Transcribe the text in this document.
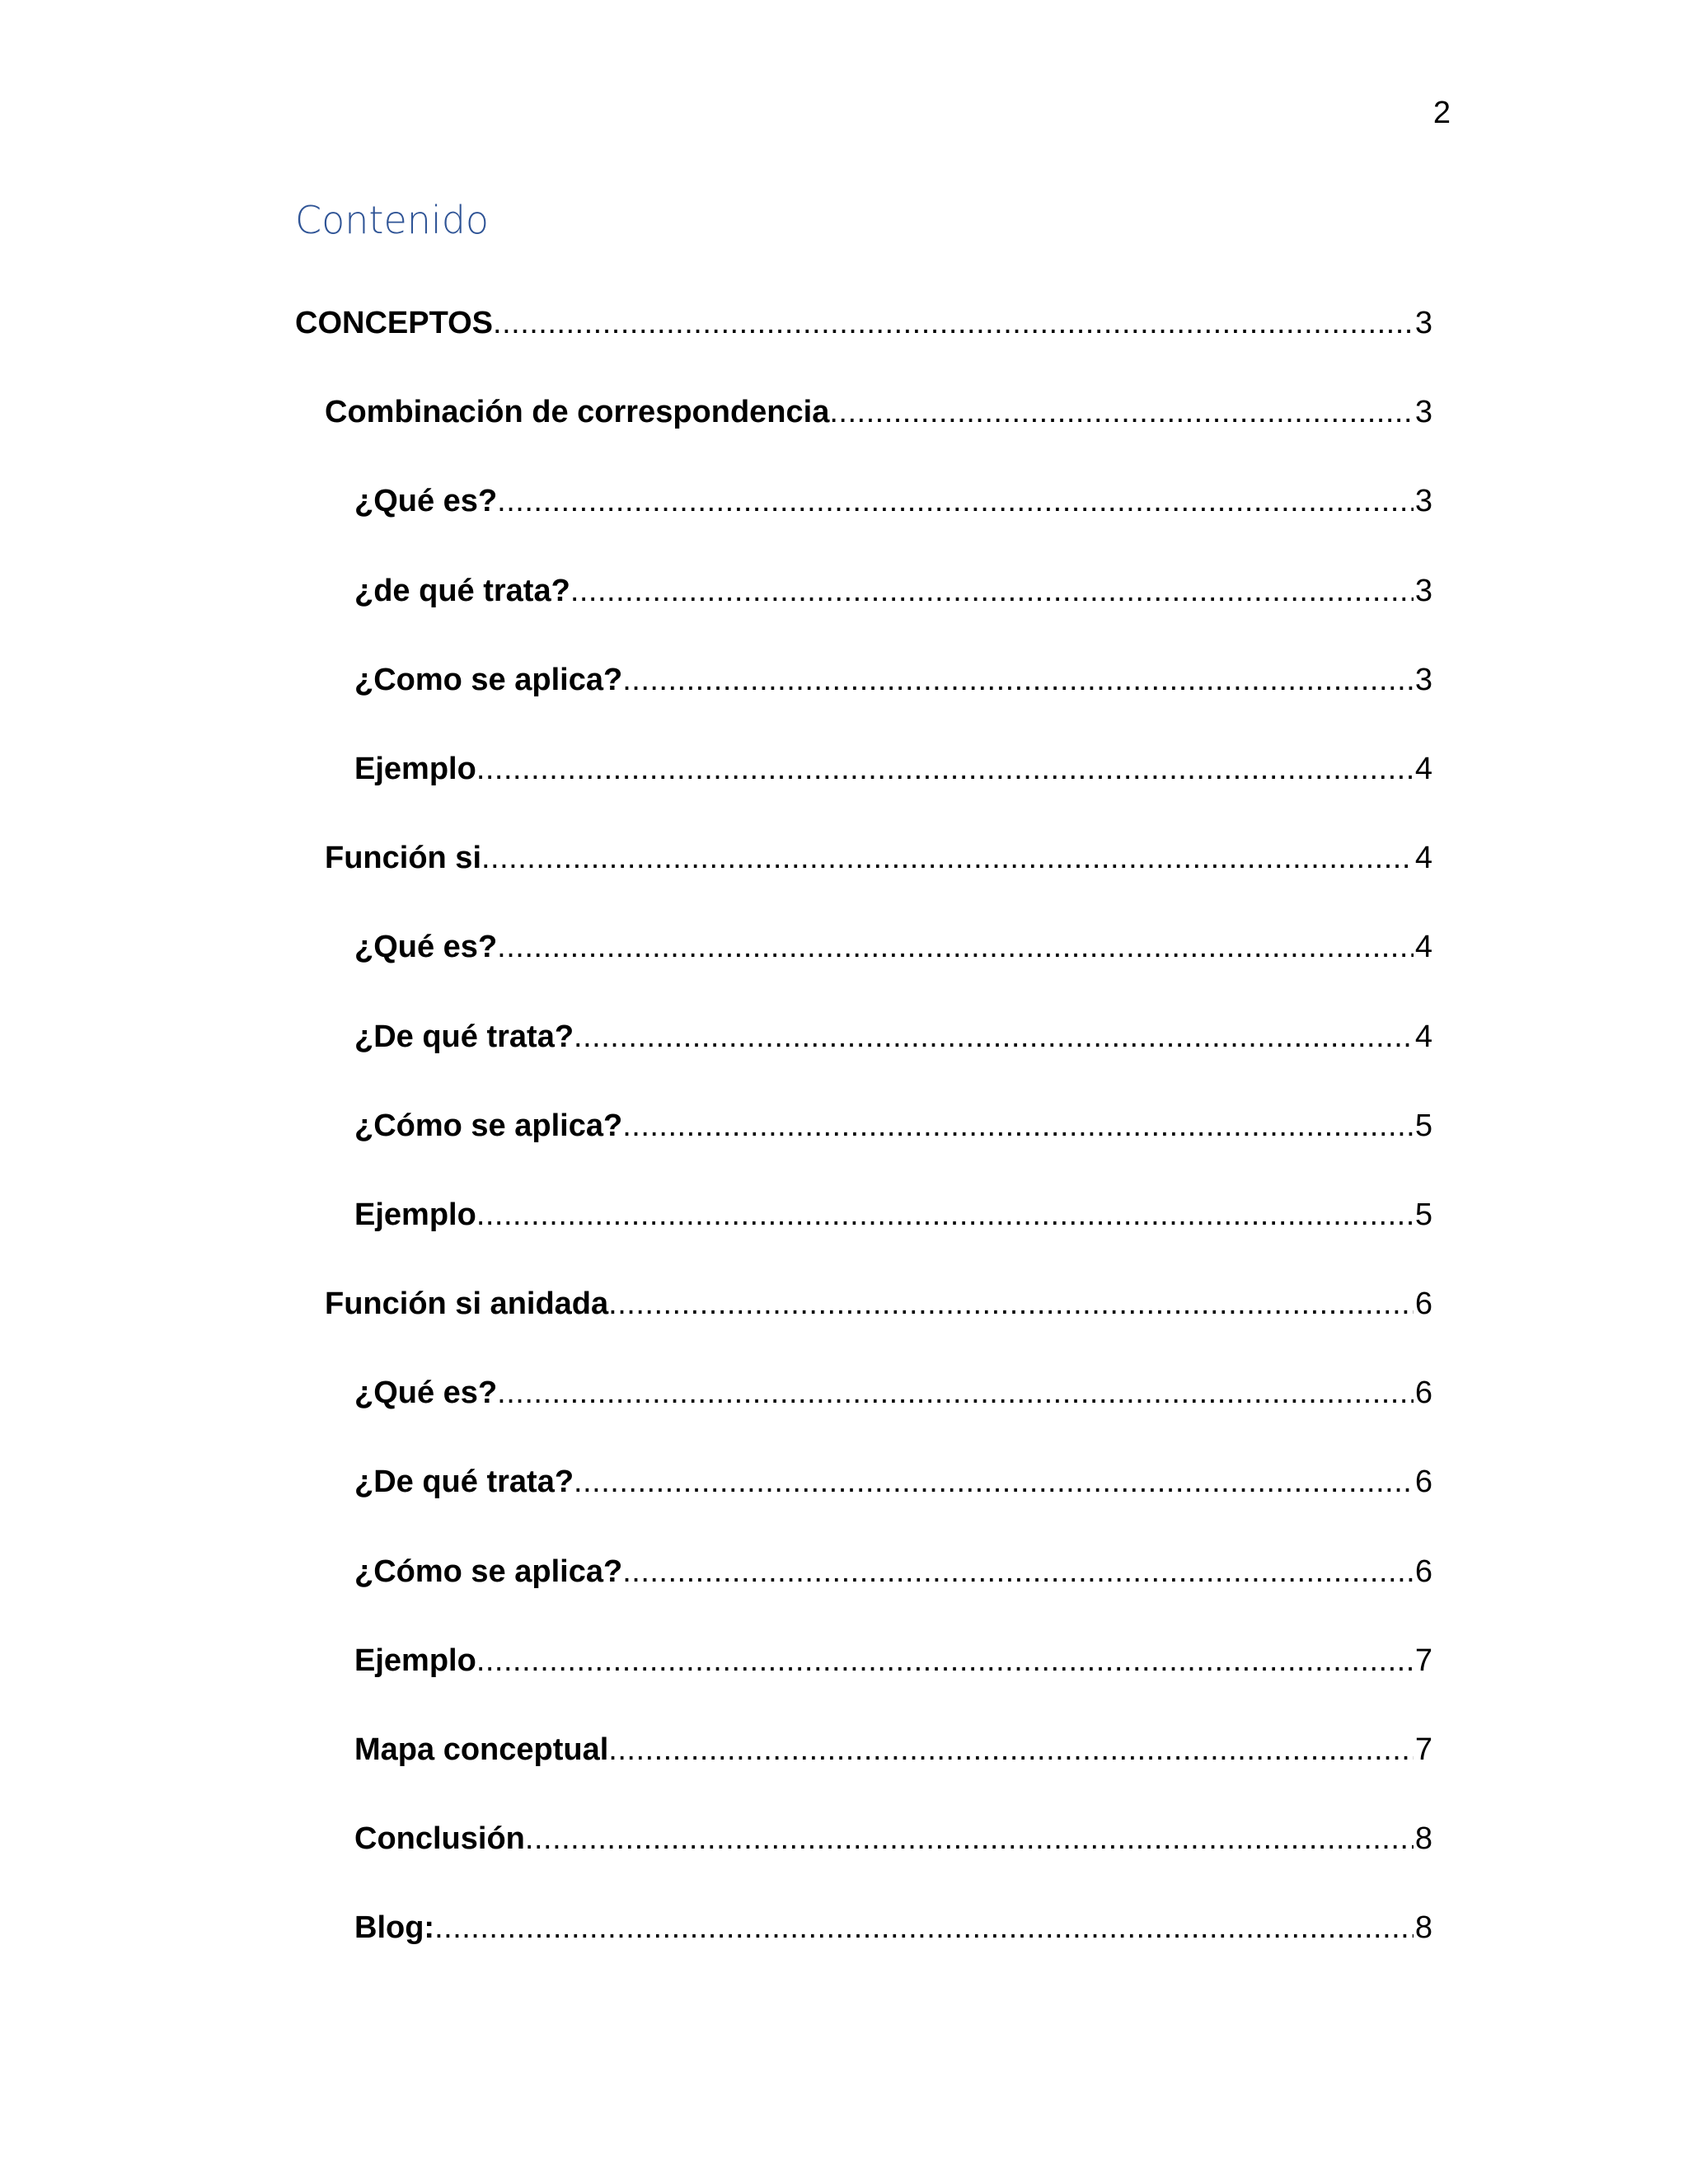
2
Contenido
CONCEPTOS .....	3
Combinación de correspondencia .....	3
¿Qué es? .....	3
¿de qué trata? .....	3
¿Como se aplica? .....	3
Ejemplo .....	4
Función si .....	4
¿Qué es? .....	4
¿De qué trata? .....	4
¿Cómo se aplica? .....	5
Ejemplo .....	5
Función si anidada .....	6
¿Qué es? .....	6
¿De qué trata? .....	6
¿Cómo se aplica? .....	6
Ejemplo .....	7
Mapa conceptual .....	7
Conclusión .....	8
Blog: .....	8
